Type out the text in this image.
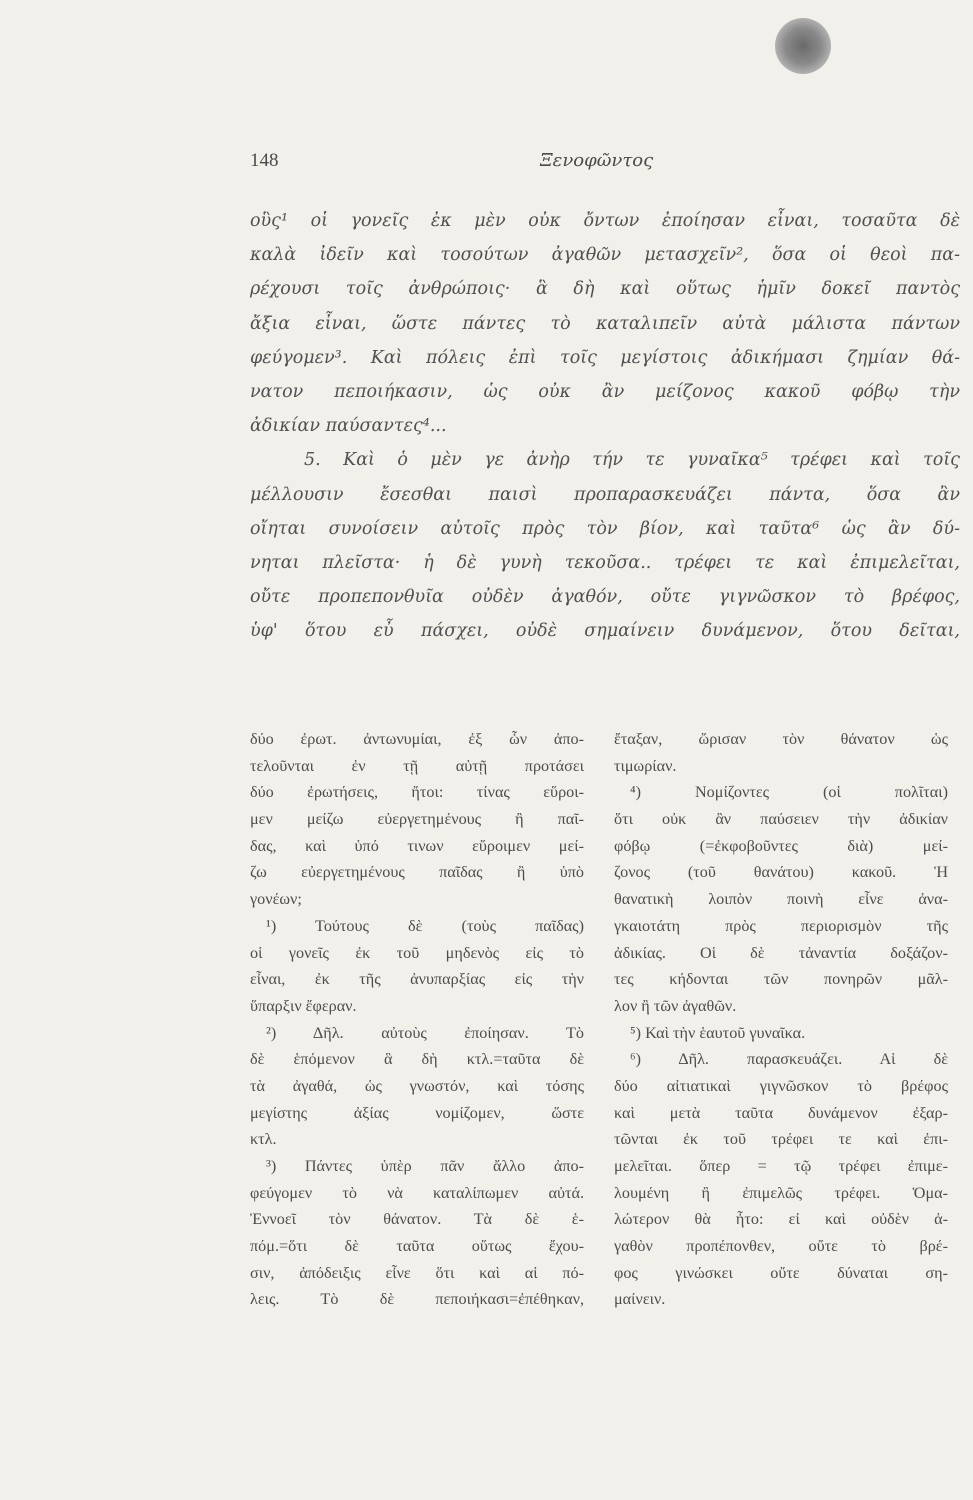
148	Ξενοφῶντος
οὓς¹ οἱ γονεῖς ἐκ μὲν οὐκ ὄντων ἐποίησαν εἶναι, τοσαῦτα δὲ
καλὰ ἰδεῖν καὶ τοσούτων ἀγαθῶν μετασχεῖν², ὅσα οἱ θεοὶ πα-
ρέχουσι τοῖς ἀνθρώποις· ἃ δὴ καὶ οὕτως ἡμῖν δοκεῖ παντὸς
ἄξια εἶναι, ὥστε πάντες τὸ καταλιπεῖν αὐτὰ μάλιστα πάντων
φεύγομεν³. Καὶ πόλεις ἐπὶ τοῖς μεγίστοις ἀδικήμασι ζημίαν θά-
νατον πεποιήκασιν, ὡς οὐκ ἂν μείζονος κακοῦ φόβῳ τὴν
ἀδικίαν παύσαντες⁴...
5. Καὶ ὁ μὲν γε ἀνὴρ τήν τε γυναῖκα⁵ τρέφει καὶ τοῖς
μέλλουσιν ἔσεσθαι παισὶ προπαρασκευάζει πάντα, ὅσα ἂν
οἴηται συνοίσειν αὐτοῖς πρὸς τὸν βίον, καὶ ταῦτα⁶ ὡς ἂν δύ-
νηται πλεῖστα· ἡ δὲ γυνὴ τεκοῦσα.. τρέφει τε καὶ ἐπιμελεῖται,
οὔτε προπεπονθυῖα οὐδὲν ἀγαθόν, οὔτε γιγνῶσκον τὸ βρέφος,
ὑφ' ὅτου εὖ πάσχει, οὐδὲ σημαίνειν δυνάμενον, ὅτου δεῖται,
δύο ἐρωτ. ἀντωνυμίαι, ἐξ ὧν ἀπο-
τελοῦνται ἐν τῇ αὐτῇ προτάσει
δύο ἐρωτήσεις, ἤτοι: τίνας εὕροι-
μεν μείζω εὐεργετημένους ἢ παῖ-
δας, καὶ ὑπό τινων εὕροιμεν μεί-
ζω εὐεργετημένους παῖδας ἢ ὑπὸ
γονέων;
¹) Τούτους δὲ (τοὺς παῖδας)
οἱ γονεῖς ἐκ τοῦ μηδενὸς εἰς τὸ
εἶναι, ἐκ τῆς ἀνυπαρξίας εἰς τὴν
ὕπαρξιν ἔφεραν.
²) Δῆλ. αὐτοὺς ἐποίησαν. Τὸ
δὲ ἑπόμενον ἃ δὴ κτλ.=ταῦτα δὲ
τὰ ἀγαθά, ὡς γνωστόν, καὶ τόσης
μεγίστης ἀξίας νομίζομεν, ὥστε
κτλ.
³) Πάντες ὑπὲρ πᾶν ἄλλο ἀπο-
φεύγομεν τὸ νὰ καταλίπωμεν αὐτά.
Ἐννοεῖ τὸν θάνατον. Τὰ δὲ ἑ-
πόμ.=ὅτι δὲ ταῦτα οὕτως ἔχου-
σιν, ἀπόδειξις εἶνε ὅτι καὶ αἱ πό-
λεις. Τὸ δὲ πεποιήκασι=ἐπέθηκαν,
ἔταξαν, ὥρισαν τὸν θάνατον ὡς
τιμωρίαν.
⁴) Νομίζοντες (οἱ πολῖται)
ὅτι οὐκ ἂν παύσειεν τὴν ἀδικίαν
φόβῳ (=ἐκφοβοῦντες διὰ) μεί-
ζονος (τοῦ θανάτου) κακοῦ. Ἡ
θανατικὴ λοιπὸν ποινὴ εἶνε ἀνα-
γκαιοτάτη πρὸς περιορισμὸν τῆς
ἀδικίας. Οἱ δὲ τἀναντία δοξάζον-
τες κήδονται τῶν πονηρῶν μᾶλ-
λον ἢ τῶν ἀγαθῶν.
⁵) Καὶ τὴν ἑαυτοῦ γυναῖκα.
⁶) Δῆλ. παρασκευάζει. Αἱ δὲ
δύο αἰτιατικαὶ γιγνῶσκον τὸ βρέφος
καὶ μετὰ ταῦτα δυνάμενον ἐξαρ-
τῶνται ἐκ τοῦ τρέφει τε καὶ ἐπι-
μελεῖται. ὅπερ = τῷ τρέφει ἐπιμε-
λουμένη ἢ ἐπιμελῶς τρέφει. Ὁμα-
λώτερον θὰ ἦτο: εἰ καὶ οὐδὲν ἀ-
γαθὸν προπέπονθεν, οὔτε τὸ βρέ-
φος γινώσκει οὔτε δύναται ση-
μαίνειν.
